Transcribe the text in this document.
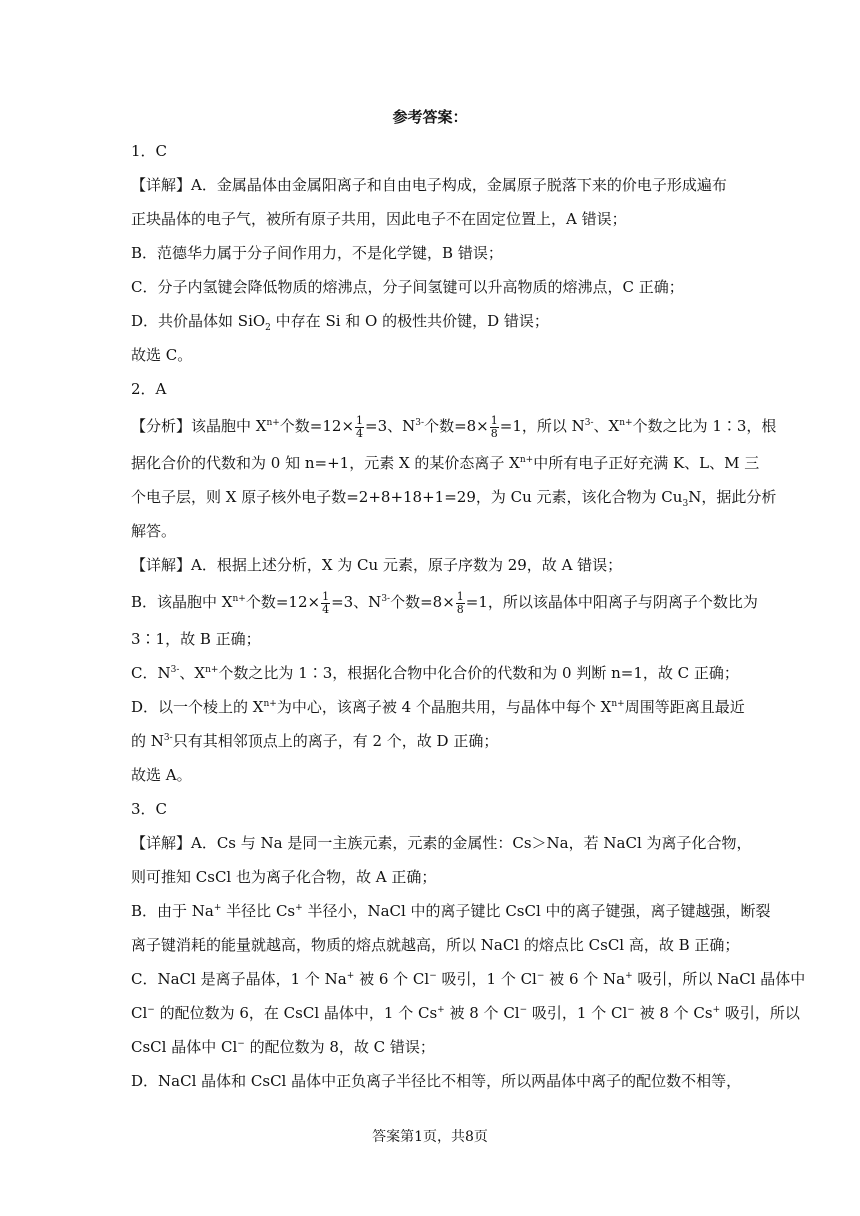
参考答案：
1．C
【详解】A．金属晶体由金属阳离子和自由电子构成，金属原子脱落下来的价电子形成遍布
正块晶体的电子气，被所有原子共用，因此电子不在固定位置上，A 错误；
B．范德华力属于分子间作用力，不是化学键，B 错误；
C．分子内氢键会降低物质的熔沸点，分子间氢键可以升高物质的熔沸点，C 正确；
D．共价晶体如 SiO$_2$ 中存在 Si 和 O 的极性共价键，D 错误；
故选 C。
2．A
【分析】该晶胞中 $X^{n+}$个数$=12\times \frac{1}{4} =3$、$N^{3-}$个数$=8\times \frac{1}{8} =1$，所以 $N^{3-}$、$X^{n+}$个数之比为 1∶3，根
据化合价的代数和为 0 知 n=+1，元素 X 的某价态离子 $X^{n+}$中所有电子正好充满 K、L、M 三
个电子层，则 X 原子核外电子数=2+8+18+1=29，为 Cu 元素，该化合物为 $Cu_3N$，据此分析
解答。
【详解】A．根据上述分析，X 为 Cu 元素，原子序数为 29，故 A 错误；
B．该晶胞中 $X^{n+}$个数$=12\times \frac{1}{4} =3$、$N^{3-}$个数$=8\times \frac{1}{8} =1$，所以该晶体中阳离子与阴离子个数比为
3∶1，故 B 正确；
C．$N^{3-}$、$X^{n+}$个数之比为 1∶3，根据化合物中化合价的代数和为 0 判断 n=1，故 C 正确；
D．以一个棱上的 $X^{n+}$为中心，该离子被 4 个晶胞共用，与晶体中每个 $X^{n+}$周围等距离且最近
的 $N^{3-}$只有其相邻顶点上的离子，有 2 个，故 D 正确；
故选 A。
3．C
【详解】A．Cs 与 Na 是同一主族元素，元素的金属性：Cs＞Na，若 NaCl 为离子化合物，
则可推知 CsCl 也为离子化合物，故 A 正确；
B．由于 Na+ 半径比 Cs+ 半径小，NaCl 中的离子键比 CsCl 中的离子键强，离子键越强，断裂
离子键消耗的能量就越高，物质的熔点就越高，所以 NaCl 的熔点比 CsCl 高，故 B 正确；
C．NaCl 是离子晶体，1 个 Na+ 被 6 个 Cl− 吸引，1 个 Cl− 被 6 个 Na+ 吸引，所以 NaCl 晶体中
Cl− 的配位数为 6，在 CsCl 晶体中，1 个 Cs+ 被 8 个 Cl− 吸引，1 个 Cl− 被 8 个 Cs+ 吸引，所以
CsCl 晶体中 Cl− 的配位数为 8，故 C 错误；
D．NaCl 晶体和 CsCl 晶体中正负离子半径比不相等，所以两晶体中离子的配位数不相等，
答案第1页，共8页
